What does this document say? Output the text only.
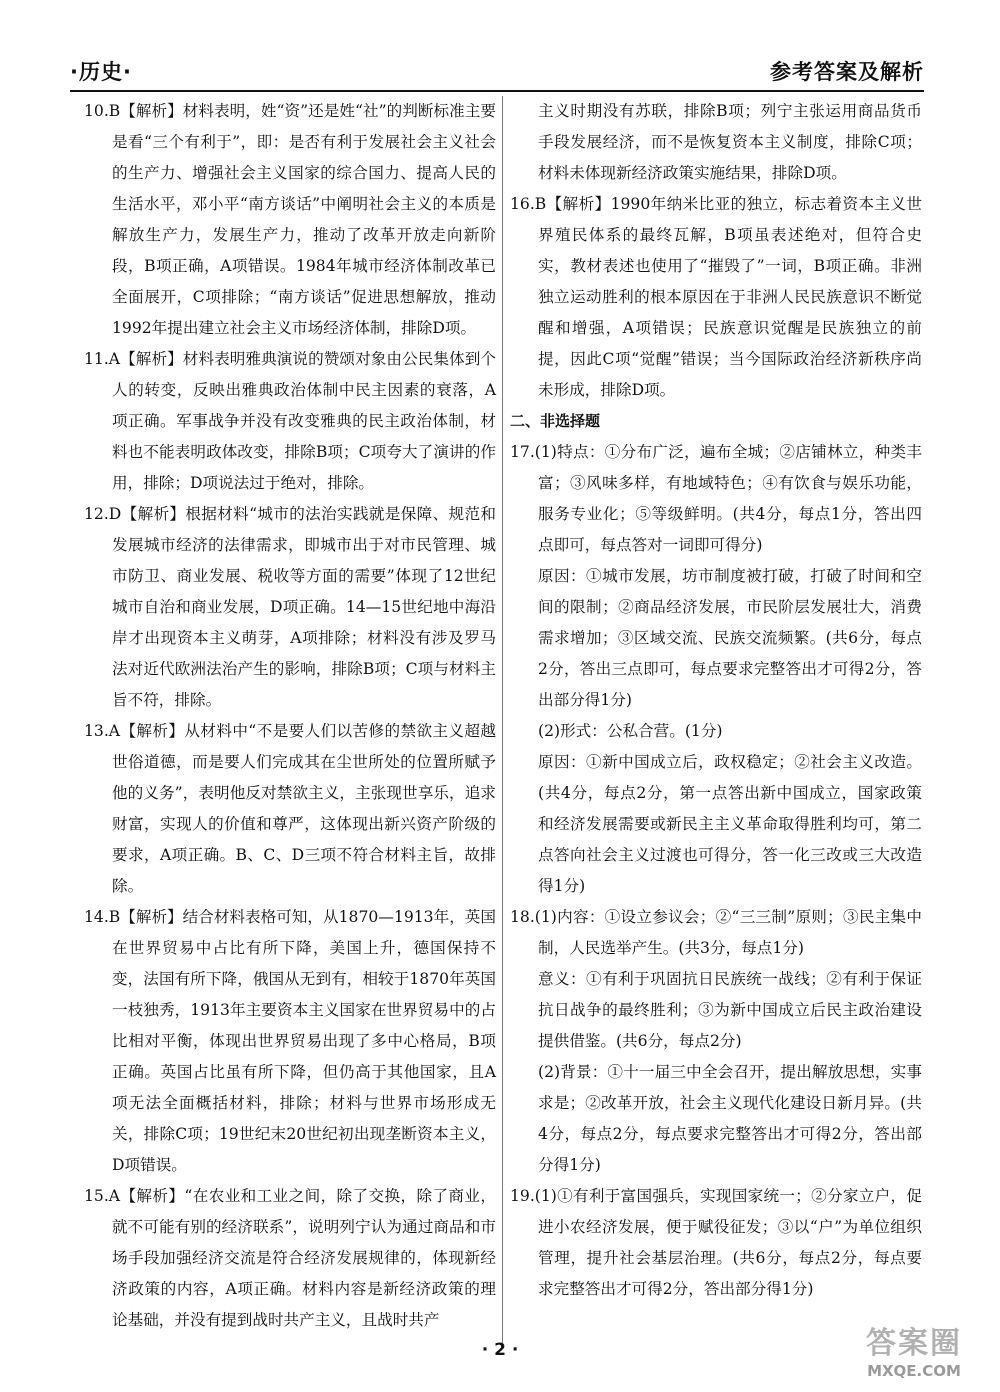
·历史·	参考答案及解析

10.B【解析】材料表明，姓“资”还是姓“社”的判断标准主要是看“三个有利于”，即：是否有利于发展社会主义社会的生产力、增强社会主义国家的综合国力、提高人民的生活水平，邓小平“南方谈话”中阐明社会主义的本质是解放生产力，发展生产力，推动了改革开放走向新阶段，B项正确，A项错误。1984年城市经济体制改革已全面展开，C项排除；“南方谈话”促进思想解放，推动1992年提出建立社会主义市场经济体制，排除D项。

11.A【解析】材料表明雅典演说的赞颂对象由公民集体到个人的转变，反映出雅典政治体制中民主因素的衰落，A项正确。军事战争并没有改变雅典的民主政治体制，材料也不能表明政体改变，排除B项；C项夸大了演讲的作用，排除；D项说法过于绝对，排除。

12.D【解析】根据材料“城市的法治实践就是保障、规范和发展城市经济的法律需求，即城市出于对市民管理、城市防卫、商业发展、税收等方面的需要”体现了12世纪城市自治和商业发展，D项正确。14—15世纪地中海沿岸才出现资本主义萌芽，A项排除；材料没有涉及罗马法对近代欧洲法治产生的影响，排除B项；C项与材料主旨不符，排除。

13.A【解析】从材料中“不是要人们以苦修的禁欲主义超越世俗道德，而是要人们完成其在尘世所处的位置所赋予他的义务”，表明他反对禁欲主义，主张现世享乐，追求财富，实现人的价值和尊严，这体现出新兴资产阶级的要求，A项正确。B、C、D三项不符合材料主旨，故排除。

14.B【解析】结合材料表格可知，从1870—1913年，英国在世界贸易中占比有所下降，美国上升，德国保持不变，法国有所下降，俄国从无到有，相较于1870年英国一枝独秀，1913年主要资本主义国家在世界贸易中的占比相对平衡，体现出世界贸易出现了多中心格局，B项正确。英国占比虽有所下降，但仍高于其他国家，且A项无法全面概括材料，排除；材料与世界市场形成无关，排除C项；19世纪末20世纪初出现垄断资本主义，D项错误。

15.A【解析】“在农业和工业之间，除了交换，除了商业，就不可能有别的经济联系”，说明列宁认为通过商品和市场手段加强经济交流是符合经济发展规律的，体现新经济政策的内容，A项正确。材料内容是新经济政策的理论基础，并没有提到战时共产主义，且战时共产

主义时期没有苏联，排除B项；列宁主张运用商品货币手段发展经济，而不是恢复资本主义制度，排除C项；材料未体现新经济政策实施结果，排除D项。

16.B【解析】1990年纳米比亚的独立，标志着资本主义世界殖民体系的最终瓦解，B项虽表述绝对，但符合史实，教材表述也使用了“摧毁了”一词，B项正确。非洲独立运动胜利的根本原因在于非洲人民民族意识不断觉醒和增强，A项错误；民族意识觉醒是民族独立的前提，因此C项“觉醒”错误；当今国际政治经济新秩序尚未形成，排除D项。

二、非选择题

17.(1)特点：①分布广泛，遍布全城；②店铺林立，种类丰富；③风味多样，有地域特色；④有饮食与娱乐功能，服务专业化；⑤等级鲜明。(共4分，每点1分，答出四点即可，每点答对一词即可得分)

原因：①城市发展，坊市制度被打破，打破了时间和空间的限制；②商品经济发展，市民阶层发展壮大，消费需求增加；③区域交流、民族交流频繁。(共6分，每点2分，答出三点即可，每点要求完整答出才可得2分，答出部分得1分)

(2)形式：公私合营。(1分)

原因：①新中国成立后，政权稳定；②社会主义改造。(共4分，每点2分，第一点答出新中国成立，国家政策和经济发展需要或新民主主义革命取得胜利均可，第二点答向社会主义过渡也可得分，答一化三改或三大改造得1分)

18.(1)内容：①设立参议会；②“三三制”原则；③民主集中制，人民选举产生。(共3分，每点1分)

意义：①有利于巩固抗日民族统一战线；②有利于保证抗日战争的最终胜利；③为新中国成立后民主政治建设提供借鉴。(共6分，每点2分)

(2)背景：①十一届三中全会召开，提出解放思想，实事求是；②改革开放，社会主义现代化建设日新月异。(共4分，每点2分，每点要求完整答出才可得2分，答出部分得1分)

19.(1)①有利于富国强兵，实现国家统一；②分家立户，促进小农经济发展，便于赋役征发；③以“户”为单位组织管理，提升社会基层治理。(共6分，每点2分，每点要求完整答出才可得2分，答出部分得1分)

· 2 ·	答案圈
MXQE.COM
